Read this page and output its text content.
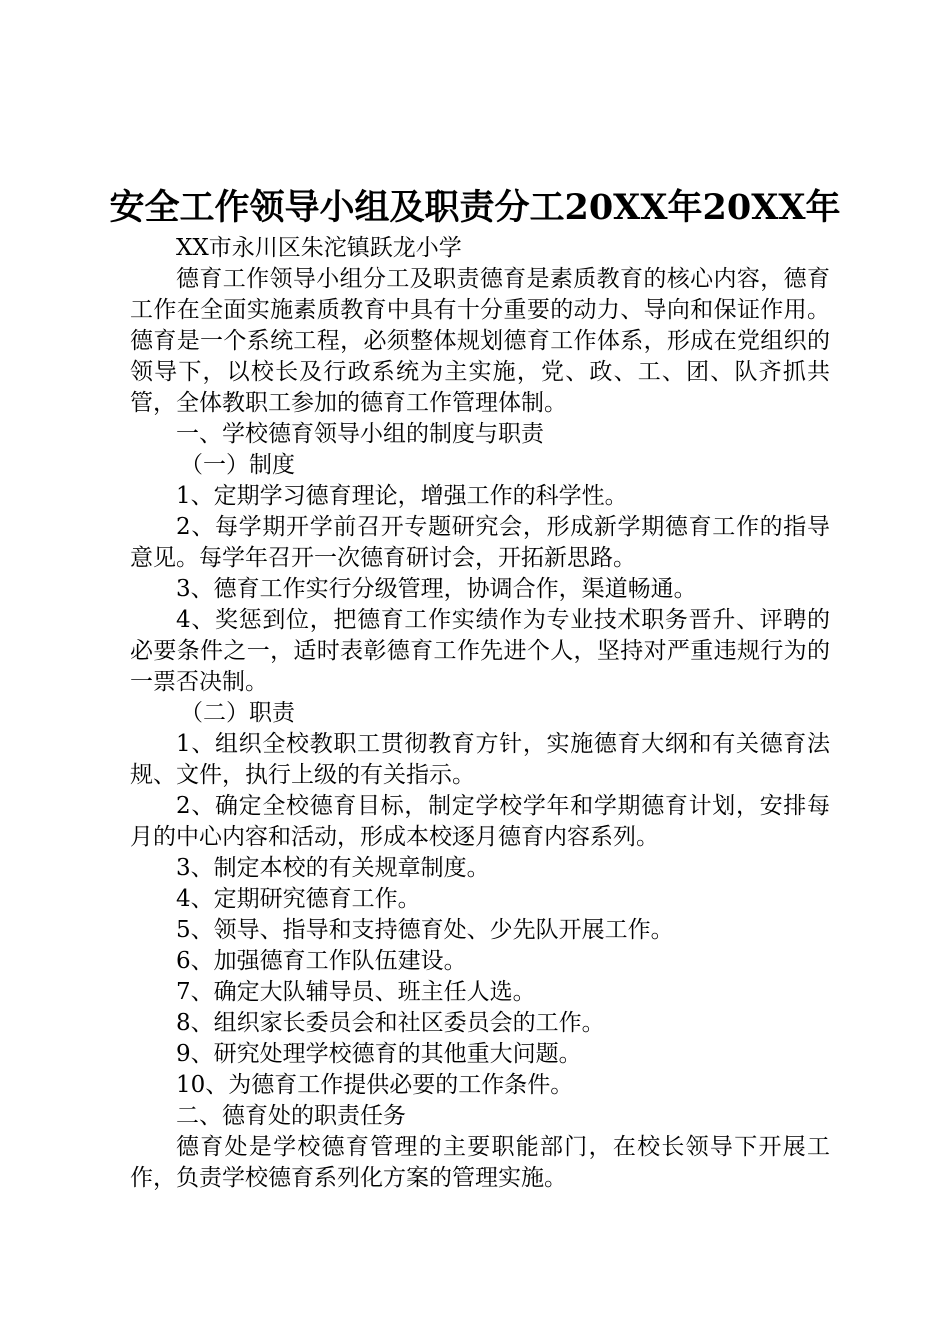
安全工作领导小组及职责分工20XX年20XX年

XX市永川区朱沱镇跃龙小学

德育工作领导小组分工及职责德育是素质教育的核心内容，德育工作在全面实施素质教育中具有十分重要的动力、导向和保证作用。德育是一个系统工程，必须整体规划德育工作体系，形成在党组织的领导下，以校长及行政系统为主实施，党、政、工、团、队齐抓共管，全体教职工参加的德育工作管理体制。

一、学校德育领导小组的制度与职责

（一）制度

1、定期学习德育理论，增强工作的科学性。

2、每学期开学前召开专题研究会，形成新学期德育工作的指导意见。每学年召开一次德育研讨会，开拓新思路。

3、德育工作实行分级管理，协调合作，渠道畅通。

4、奖惩到位，把德育工作实绩作为专业技术职务晋升、评聘的必要条件之一，适时表彰德育工作先进个人，坚持对严重违规行为的一票否决制。

（二）职责

1、组织全校教职工贯彻教育方针，实施德育大纲和有关德育法规、文件，执行上级的有关指示。

2、确定全校德育目标，制定学校学年和学期德育计划，安排每月的中心内容和活动，形成本校逐月德育内容系列。

3、制定本校的有关规章制度。

4、定期研究德育工作。

5、领导、指导和支持德育处、少先队开展工作。

6、加强德育工作队伍建设。

7、确定大队辅导员、班主任人选。

8、组织家长委员会和社区委员会的工作。

9、研究处理学校德育的其他重大问题。

10、为德育工作提供必要的工作条件。

二、德育处的职责任务

德育处是学校德育管理的主要职能部门，在校长领导下开展工作，负责学校德育系列化方案的管理实施。
